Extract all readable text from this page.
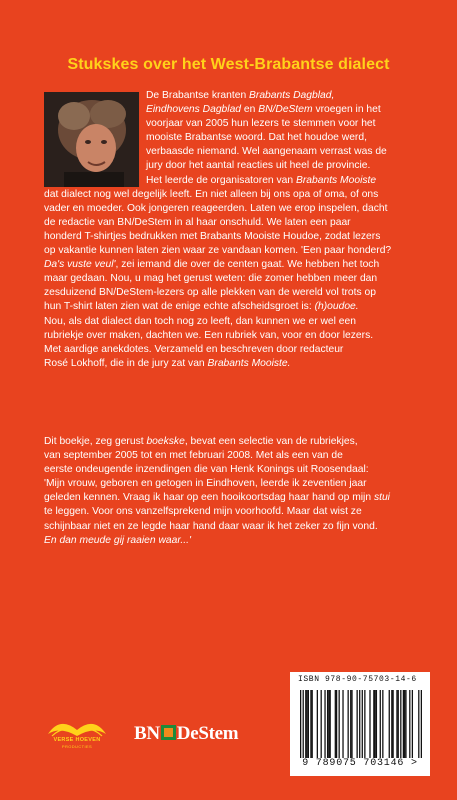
Stukskes over het West-Brabantse dialect
De Brabantse kranten Brabants Dagblad,
Eindhovens Dagblad en BN/DeStem vroegen in het
voorjaar van 2005 hun lezers te stemmen voor het
mooiste Brabantse woord. Dat het houdoe werd,
verbaasde niemand. Wel aangenaam verrast was de
jury door het aantal reacties uit heel de provincie.
Het leerde de organisatoren van Brabants Mooiste
dat dialect nog wel degelijk leeft. En niet alleen bij ons opa of oma, of ons
vader en moeder. Ook jongeren reageerden. Laten we erop inspelen, dacht
de redactie van BN/DeStem in al haar onschuld. We laten een paar
honderd T-shirtjes bedrukken met Brabants Mooiste Houdoe, zodat lezers
op vakantie kunnen laten zien waar ze vandaan komen. 'Een paar honderd?
Da's vuste veul', zei iemand die over de centen gaat. We hebben het toch
maar gedaan. Nou, u mag het gerust weten: die zomer hebben meer dan
zesduizend BN/DeStem-lezers op alle plekken van de wereld vol trots op
hun T-shirt laten zien wat de enige echte afscheidsgroet is: (h)oudoe.
Nou, als dat dialect dan toch nog zo leeft, dan kunnen we er wel een
rubriekje over maken, dachten we. Een rubriek van, voor en door lezers.
Met aardige anekdotes. Verzameld en beschreven door redacteur
Rosé Lokhoff, die in de jury zat van Brabants Mooiste.
Dit boekje, zeg gerust boekske, bevat een selectie van de rubriekjes,
van september 2005 tot en met februari 2008. Met als een van de
eerste ondeugende inzendingen die van Henk Konings uit Roosendaal:
'Mijn vrouw, geboren en getogen in Eindhoven, leerde ik zeventien jaar
geleden kennen. Vraag ik haar op een hooikoortsdag haar hand op mijn stui
te leggen. Voor ons vanzelfsprekend mijn voorhoofd. Maar dat wist ze
schijnbaar niet en ze legde haar hand daar waar ik het zeker zo fijn vond.
En dan meude gij raaien waar...'
VERSE HOEVEN
PRODUCTIES
BN DeStem
ISBN 978-90-75703-14-6
9 789075 703146 >
